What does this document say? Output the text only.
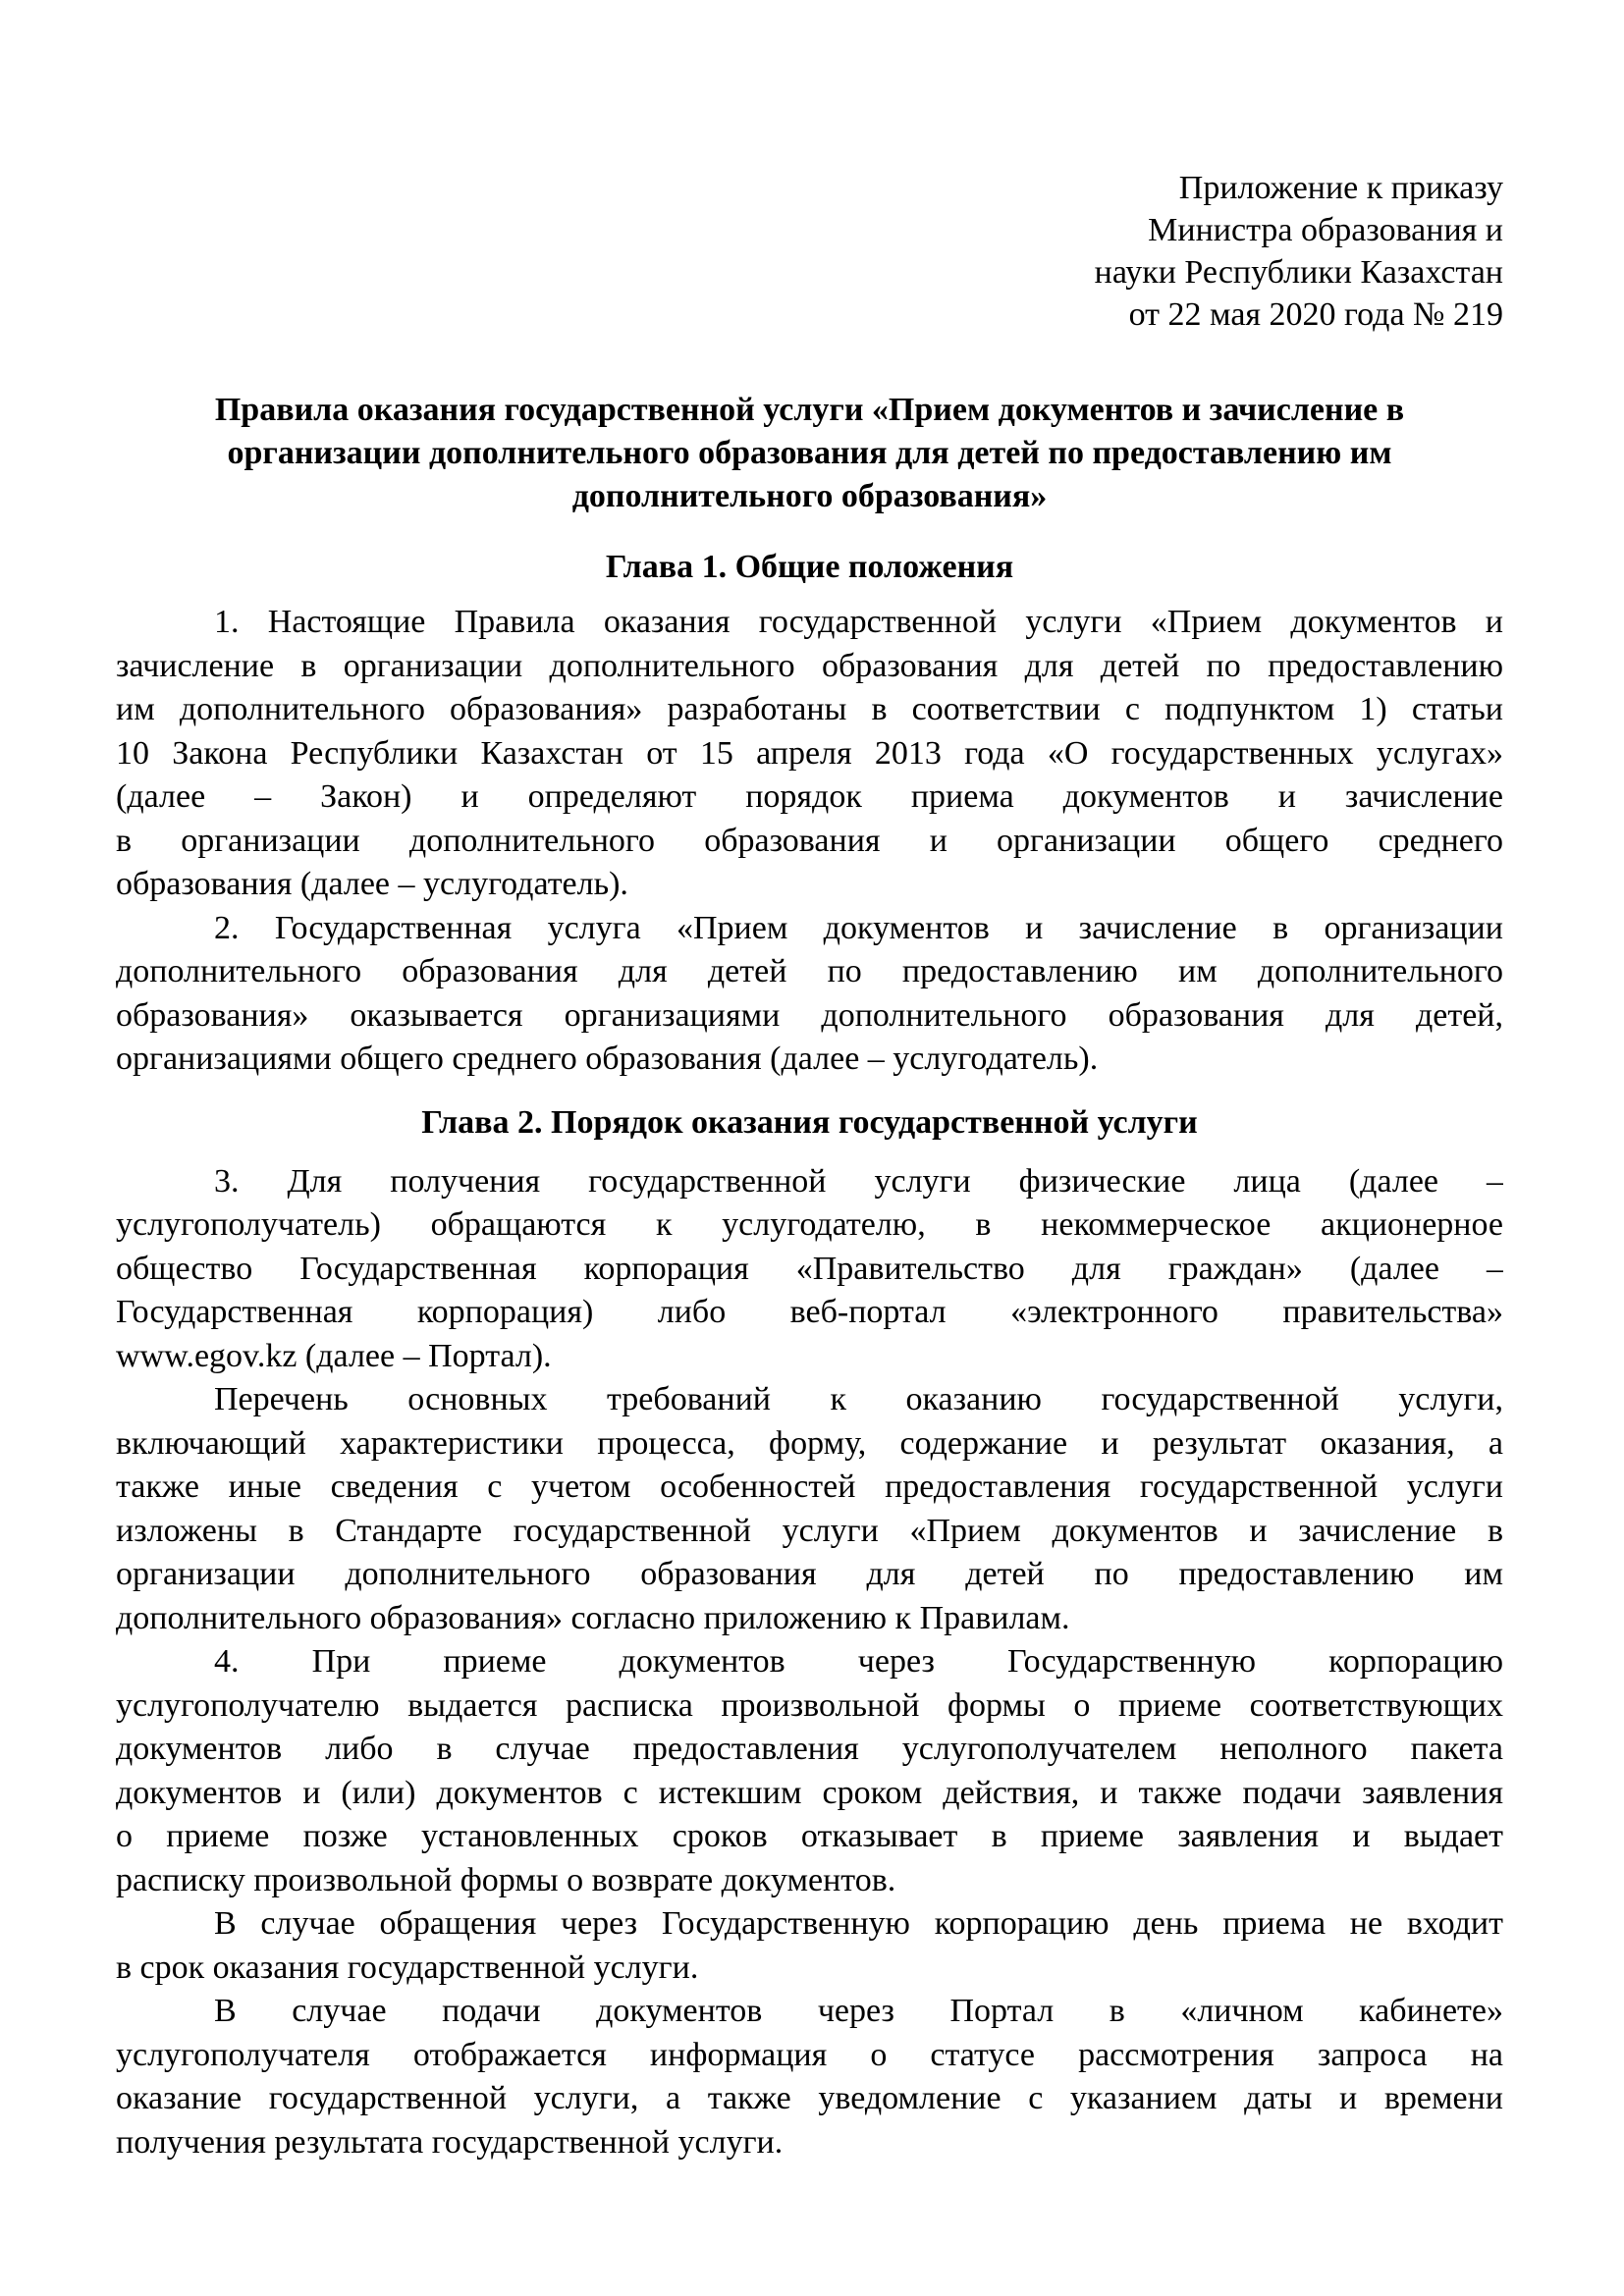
Приложение к приказу
Министра образования и
науки Республики Казахстан
от 22 мая 2020 года № 219
Правила оказания государственной услуги «Прием документов и зачисление в
организации дополнительного образования для детей по предоставлению им
дополнительного образования»
Глава 1. Общие положения
1. Настоящие Правила оказания государственной услуги «Прием документов и
зачисление в организации дополнительного образования для детей по предоставлению
им дополнительного образования» разработаны в соответствии с подпунктом 1) статьи
10 Закона Республики Казахстан от 15 апреля 2013 года «О государственных услугах»
(далее – Закон) и определяют порядок приема документов и зачисление
в организации дополнительного образования и организации общего среднего
образования (далее – услугодатель).
2. Государственная услуга «Прием документов и зачисление в организации
дополнительного образования для детей по предоставлению им дополнительного
образования» оказывается организациями дополнительного образования для детей,
организациями общего среднего образования (далее – услугодатель).
Глава 2. Порядок оказания государственной услуги
3. Для получения государственной услуги физические лица (далее –
услугополучатель) обращаются к услугодателю, в некоммерческое акционерное
общество Государственная корпорация «Правительство для граждан» (далее –
Государственная корпорация) либо веб-портал «электронного правительства»
www.egov.kz (далее – Портал).
Перечень основных требований к оказанию государственной услуги,
включающий характеристики процесса, форму, содержание и результат оказания, а
также иные сведения с учетом особенностей предоставления государственной услуги
изложены в Стандарте государственной услуги «Прием документов и зачисление в
организации дополнительного образования для детей по предоставлению им
дополнительного образования» согласно приложению к Правилам.
4. При приеме документов через Государственную корпорацию
услугополучателю выдается расписка произвольной формы о приеме соответствующих
документов либо в случае предоставления услугополучателем неполного пакета
документов и (или) документов с истекшим сроком действия, и также подачи заявления
о приеме позже установленных сроков отказывает в приеме заявления и выдает
расписку произвольной формы о возврате документов.
В случае обращения через Государственную корпорацию день приема не входит
в срок оказания государственной услуги.
В случае подачи документов через Портал в «личном кабинете»
услугополучателя отображается информация о статусе рассмотрения запроса на
оказание государственной услуги, а также уведомление с указанием даты и времени
получения результата государственной услуги.
